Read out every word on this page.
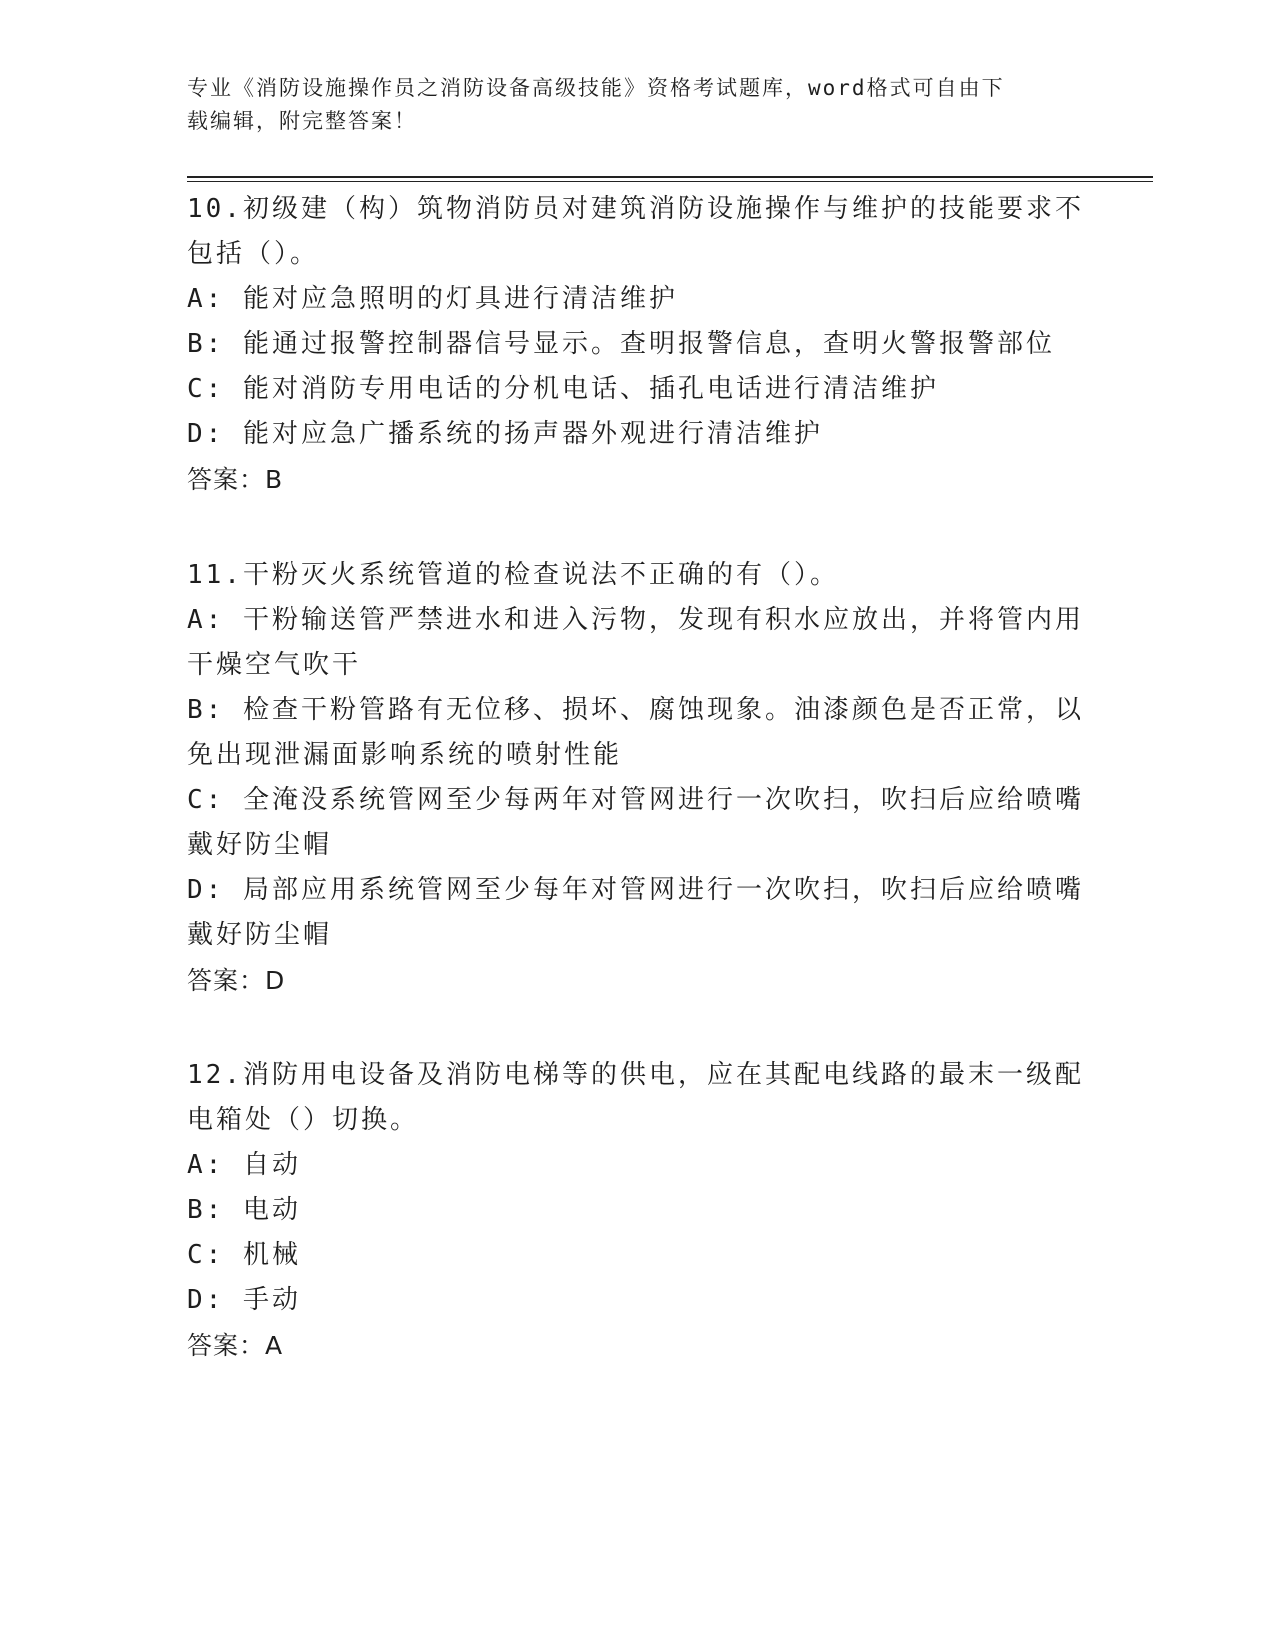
专业《消防设施操作员之消防设备高级技能》资格考试题库，word格式可自由下

载编辑，附完整答案！

10.初级建（构）筑物消防员对建筑消防设施操作与维护的技能要求不

包括（）。

A: 能对应急照明的灯具进行清洁维护

B: 能通过报警控制器信号显示。查明报警信息，查明火警报警部位

C: 能对消防专用电话的分机电话、插孔电话进行清洁维护

D: 能对应急广播系统的扬声器外观进行清洁维护

答案：B

11.干粉灭火系统管道的检查说法不正确的有（）。

A: 干粉输送管严禁进水和进入污物，发现有积水应放出，并将管内用

干燥空气吹干

B: 检查干粉管路有无位移、损坏、腐蚀现象。油漆颜色是否正常，以

免出现泄漏面影响系统的喷射性能

C: 全淹没系统管网至少每两年对管网进行一次吹扫，吹扫后应给喷嘴

戴好防尘帽

D: 局部应用系统管网至少每年对管网进行一次吹扫，吹扫后应给喷嘴

戴好防尘帽

答案：D

12.消防用电设备及消防电梯等的供电，应在其配电线路的最末一级配

电箱处（）切换。

A: 自动

B: 电动

C: 机械

D: 手动

答案：A
